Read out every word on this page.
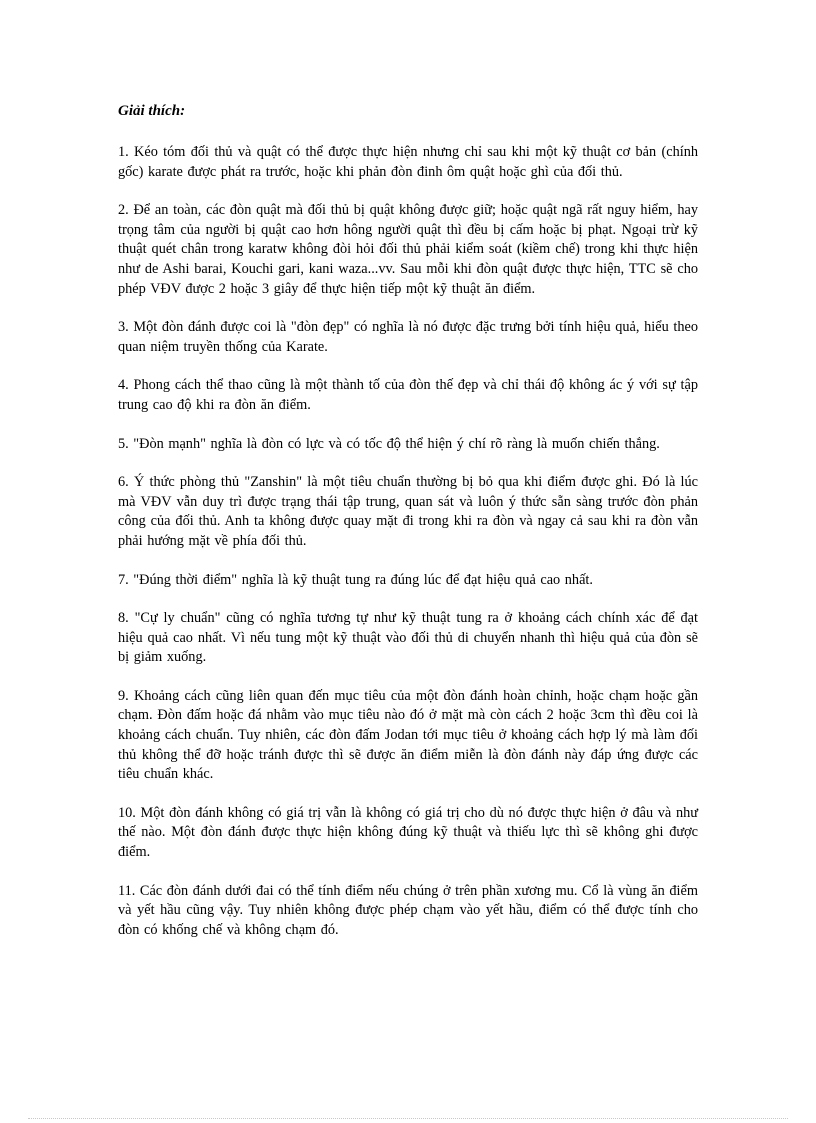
Giải thích:

1. Kéo tóm đối thủ và quật có thể được thực hiện nhưng chỉ sau khi một kỹ thuật cơ bản (chính gốc) karate được phát ra trước, hoặc khi phản đòn đinh ôm quật hoặc ghì của đối thủ.

2. Để an toàn, các đòn quật mà đối thủ bị quật không được giữ; hoặc quật ngã rất nguy hiểm, hay trọng tâm của người bị quật cao hơn hông người quật thì đều bị cấm hoặc bị phạt. Ngoại trừ kỹ thuật quét chân trong karatw không đòi hỏi đối thủ phải kiểm soát (kiềm chế) trong khi thực hiện như de Ashi barai, Kouchi gari, kani waza...vv. Sau mỗi khi đòn quật được thực hiện, TTC sẽ cho phép VĐV được 2 hoặc 3 giây để thực hiện tiếp một kỹ thuật ăn điểm.

3. Một đòn đánh được coi là "đòn đẹp" có nghĩa là nó được đặc trưng bởi tính hiệu quả, hiểu theo quan niệm truyền thống của Karate.

4. Phong cách thể thao cũng là một thành tố của đòn thế đẹp và chỉ thái độ không ác ý với sự tập trung cao độ khi ra đòn ăn điểm.

5. "Đòn mạnh" nghĩa là đòn có lực và có tốc độ thể hiện ý chí rõ ràng là muốn chiến thắng.

6. Ý thức phòng thủ "Zanshin" là một tiêu chuẩn thường bị bỏ qua khi điểm được ghi. Đó là lúc mà VĐV vẫn duy trì được trạng thái tập trung, quan sát và luôn ý thức sẵn sàng trước đòn phản công của đối thủ. Anh ta không được quay mặt đi trong khi ra đòn và ngay cả sau khi ra đòn vẫn phải hướng mặt về phía đối thủ.

7. "Đúng thời điểm" nghĩa là kỹ thuật tung ra đúng lúc để đạt hiệu quả cao nhất.

8. "Cự ly chuẩn" cũng có nghĩa tương tự như kỹ thuật tung ra ở khoảng cách chính xác để đạt hiệu quả cao nhất. Vì nếu tung một kỹ thuật vào đối thủ di chuyển nhanh thì hiệu quả của đòn sẽ bị giảm xuống.

9. Khoảng cách cũng liên quan đến mục tiêu của một đòn đánh hoàn chỉnh, hoặc chạm hoặc gần chạm. Đòn đấm hoặc đá nhằm vào mục tiêu nào đó ở mặt mà còn cách 2 hoặc 3cm thì đều coi là khoảng cách chuẩn. Tuy nhiên, các đòn đấm Jodan tới mục tiêu ở khoảng cách hợp lý mà làm đối thủ không thể đỡ hoặc tránh được thì sẽ được ăn điểm miễn là đòn đánh này đáp ứng được các tiêu chuẩn khác.

10. Một đòn đánh không có giá trị vẫn là không có giá trị cho dù nó được thực hiện ở đâu và như thế nào. Một đòn đánh được thực hiện không đúng kỹ thuật và thiếu lực thì sẽ không ghi được điểm.

11. Các đòn đánh dưới đai có thể tính điểm nếu chúng ở trên phần xương mu. Cổ là vùng ăn điểm và yết hầu cũng vậy. Tuy nhiên không được phép chạm vào yết hầu, điểm có thể được tính cho đòn có khống chế và không chạm đó.
